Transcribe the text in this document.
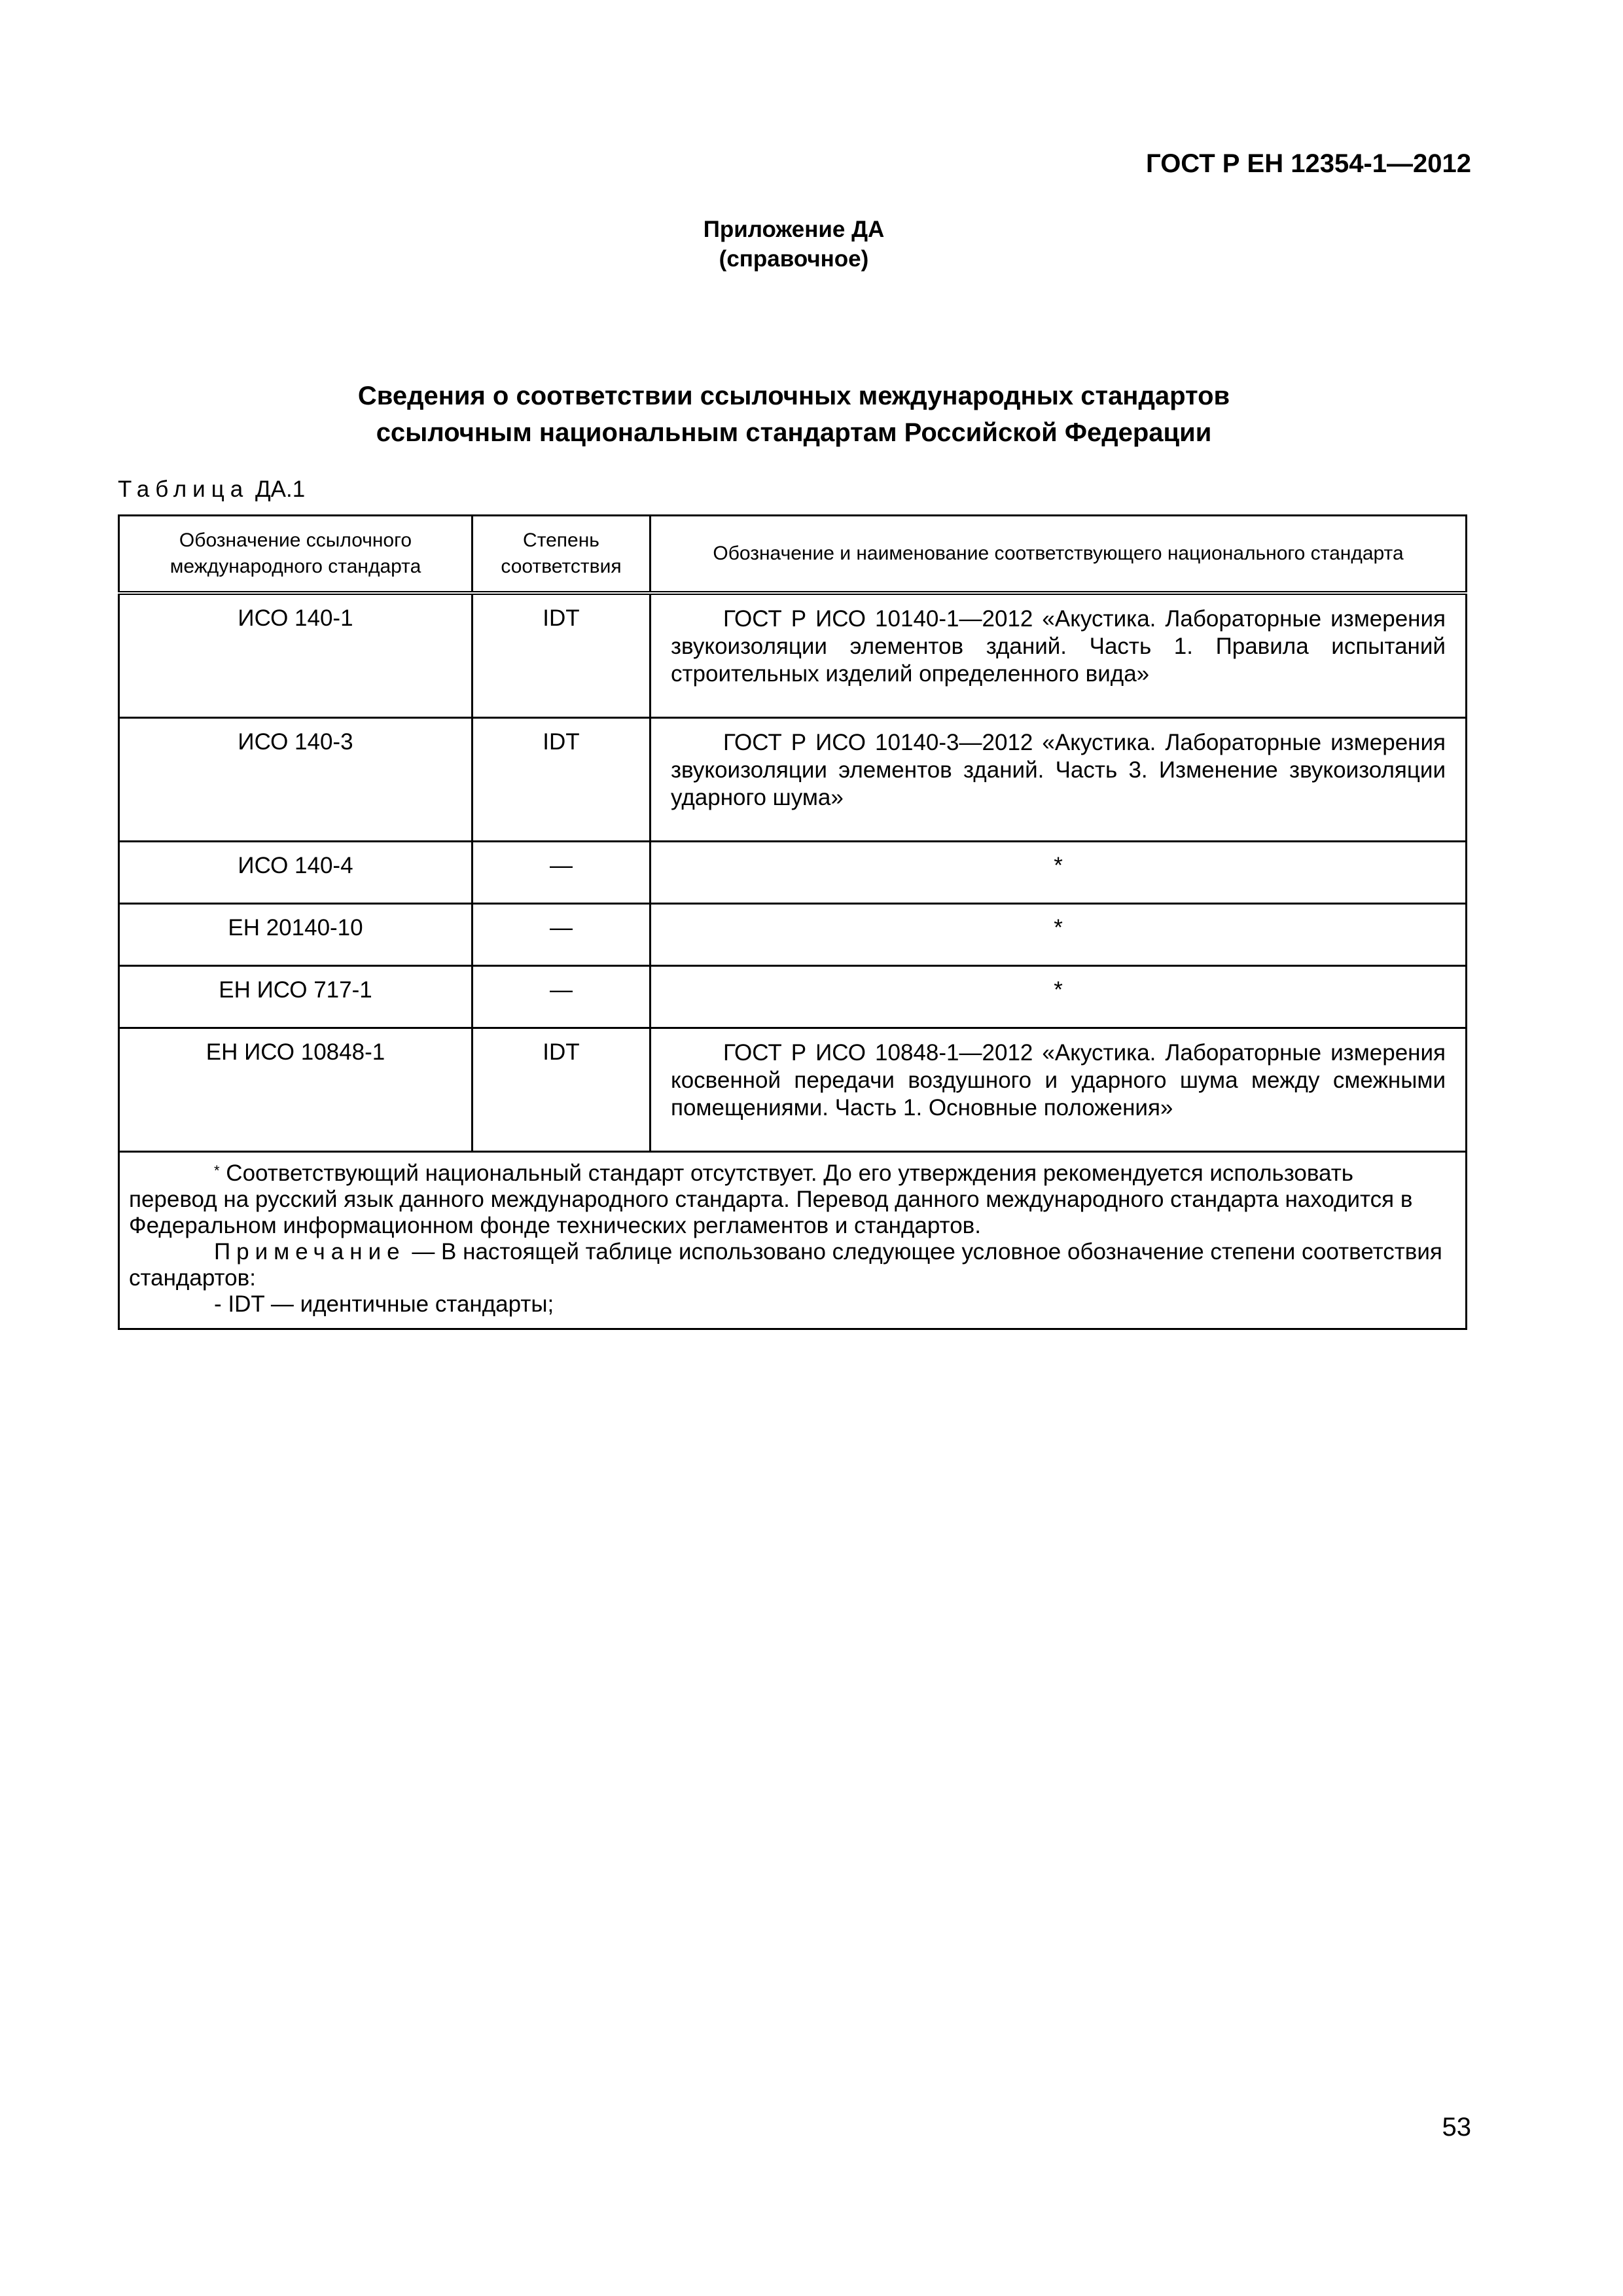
ГОСТ Р ЕН 12354-1—2012
Приложение ДА
(справочное)
Сведения о соответствии ссылочных международных стандартов
ссылочным национальным стандартам Российской Федерации
Таблица ДА.1
Обозначение ссылочного международного стандарта	Степень соответствия	Обозначение и наименование соответствующего национального стандарта
ИСО 140-1	IDT	ГОСТ Р ИСО 10140-1—2012 «Акустика. Лабораторные измерения звукоизоляции элементов зданий. Часть 1. Правила испытаний строительных изделий определенного вида»
ИСО 140-3	IDT	ГОСТ Р ИСО 10140-3—2012 «Акустика. Лабораторные измерения звукоизоляции элементов зданий. Часть 3. Изменение звукоизоляции ударного шума»
ИСО 140-4	—	*
ЕН 20140-10	—	*
ЕН ИСО 717-1	—	*
ЕН ИСО 10848-1	IDT	ГОСТ Р ИСО 10848-1—2012 «Акустика. Лабораторные измерения косвенной передачи воздушного и ударного шума между смежными помещениями. Часть 1. Основные положения»

* Соответствующий национальный стандарт отсутствует. До его утверждения рекомендуется использовать перевод на русский язык данного международного стандарта. Перевод данного международного стандарта находится в Федеральном информационном фонде технических регламентов и стандартов.
Примечание — В настоящей таблице использовано следующее условное обозначение степени соответствия стандартов:
- IDT — идентичные стандарты;		
53
